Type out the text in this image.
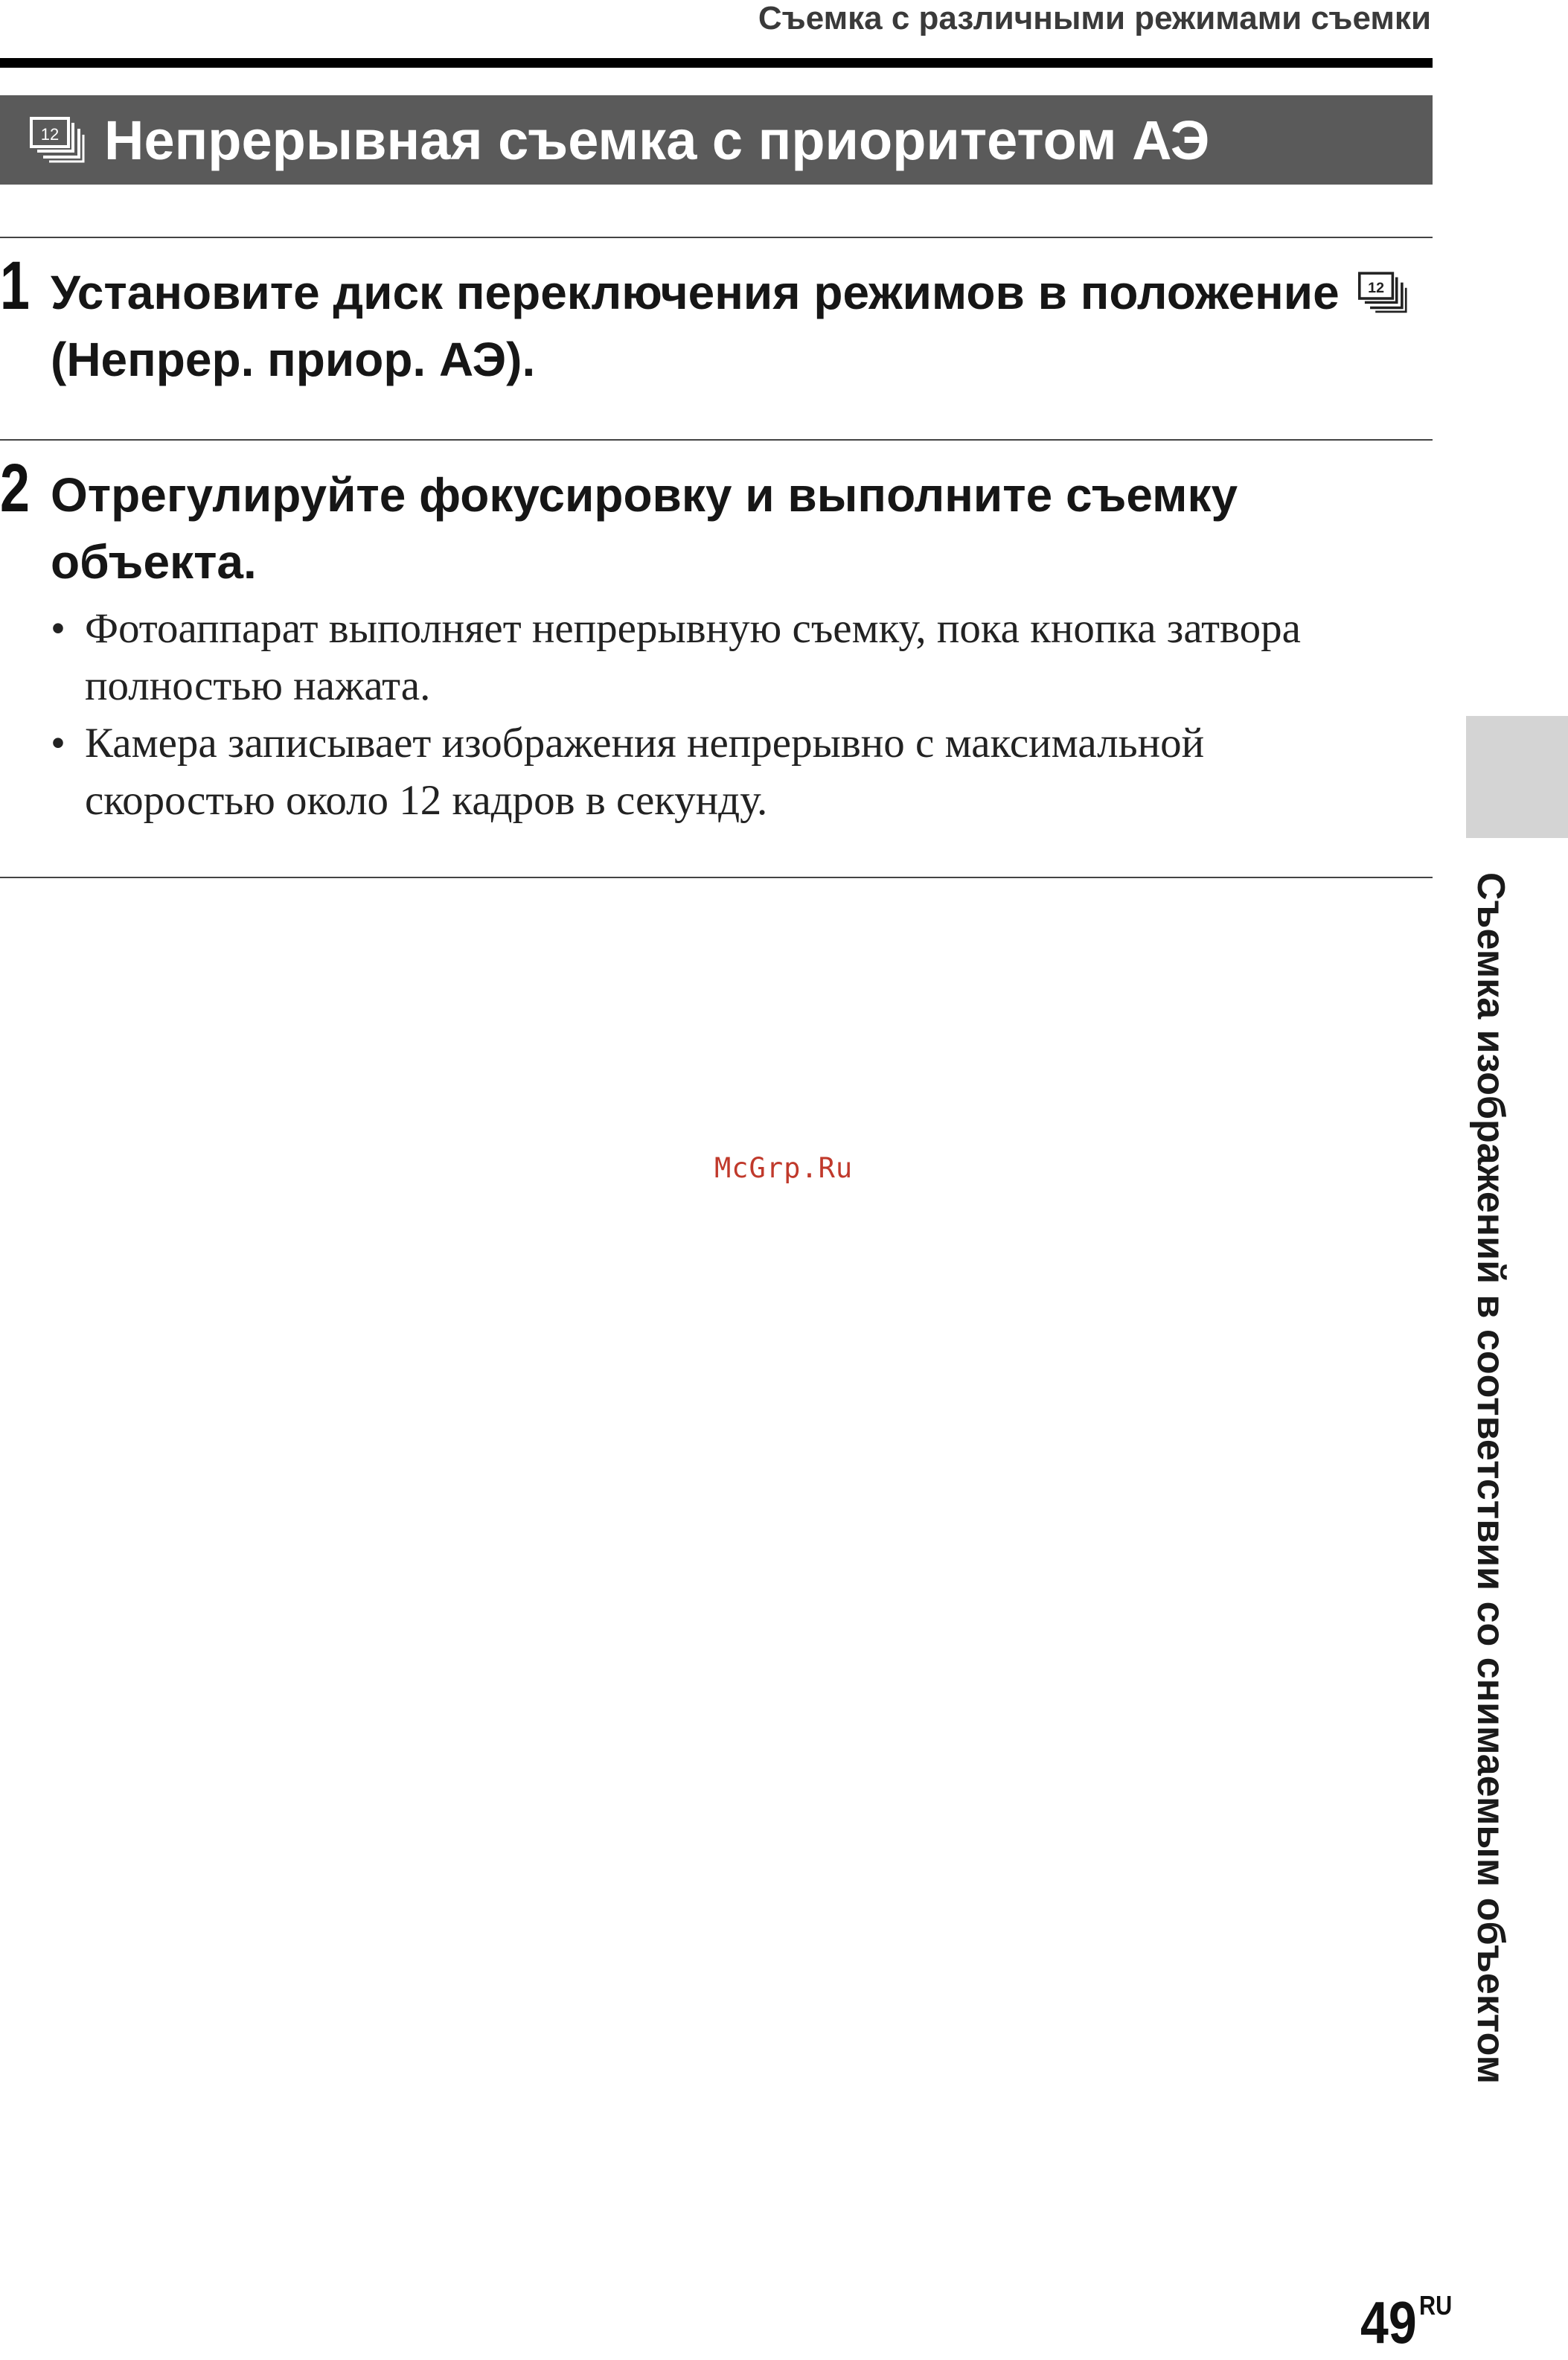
Съемка с различными режимами съемки
12 Непрерывная съемка с приоритетом АЭ
1 Установите диск переключения режимов в положение 12
(Непрер. приор. АЭ).
2 Отрегулируйте фокусировку и выполните съемку объекта.
• Фотоаппарат выполняет непрерывную съемку, пока кнопка затвора полностью нажата.
• Камера записывает изображения непрерывно с максимальной скоростью около 12 кадров в секунду.
McGrp.Ru	Съемка изображений в соответствии со снимаемым объектом
$49^{RU}$
